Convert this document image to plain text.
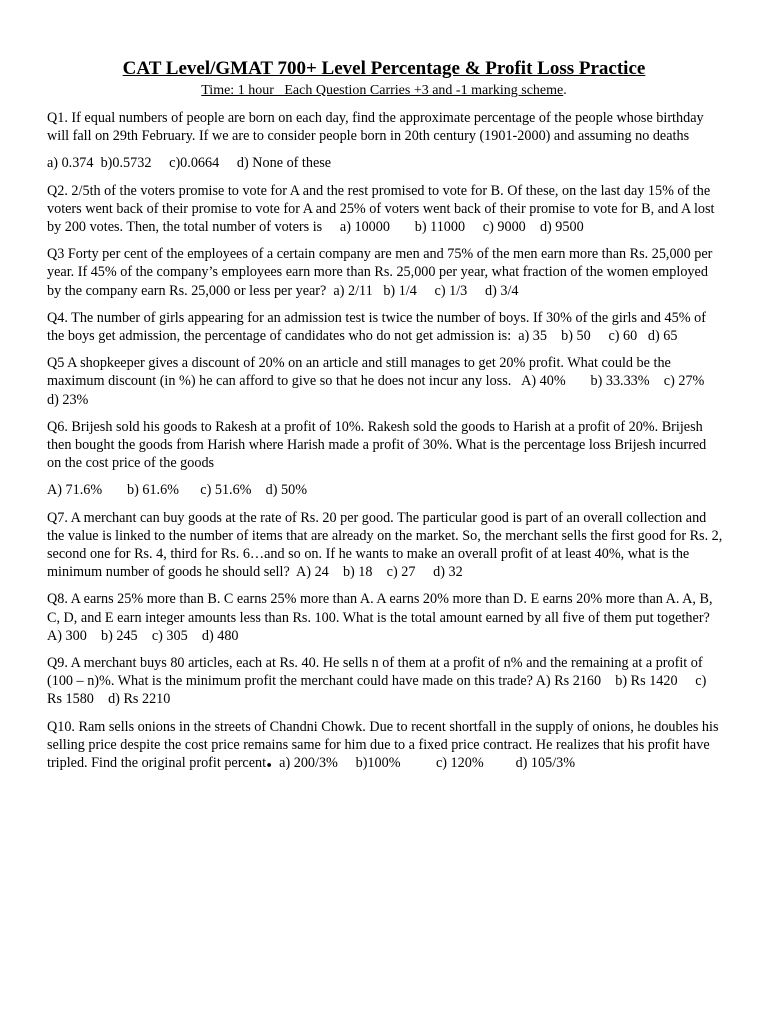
CAT Level/GMAT 700+ Level Percentage & Profit Loss Practice
Time: 1 hour   Each Question Carries +3 and -1 marking scheme.

Q1. If equal numbers of people are born on each day, find the approximate percentage of the people whose birthday will fall on 29th February. If we are to consider people born in 20th century (1901-2000) and assuming no deaths

a) 0.374  b)0.5732     c)0.0664     d) None of these

Q2. 2/5th of the voters promise to vote for A and the rest promised to vote for B. Of these, on the last day 15% of the voters went back of their promise to vote for A and 25% of voters went back of their promise to vote for B, and A lost by 200 votes. Then, the total number of voters is     a) 10000       b) 11000     c) 9000    d) 9500

Q3 Forty per cent of the employees of a certain company are men and 75% of the men earn more than Rs. 25,000 per year. If 45% of the company’s employees earn more than Rs. 25,000 per year, what fraction of the women employed by the company earn Rs. 25,000 or less per year?  a) 2/11   b) 1/4     c) 1/3     d) 3/4

Q4. The number of girls appearing for an admission test is twice the number of boys. If 30% of the girls and 45% of the boys get admission, the percentage of candidates who do not get admission is:  a) 35    b) 50     c) 60   d) 65

Q5 A shopkeeper gives a discount of 20% on an article and still manages to get 20% profit. What could be the maximum discount (in %) he can afford to give so that he does not incur any loss.   A) 40%       b) 33.33%    c) 27%    d) 23%

Q6. Brijesh sold his goods to Rakesh at a profit of 10%. Rakesh sold the goods to Harish at a profit of 20%. Brijesh then bought the goods from Harish where Harish made a profit of 30%. What is the percentage loss Brijesh incurred on the cost price of the goods

A) 71.6%       b) 61.6%      c) 51.6%    d) 50%

Q7. A merchant can buy goods at the rate of Rs. 20 per good. The particular good is part of an overall collection and the value is linked to the number of items that are already on the market. So, the merchant sells the first good for Rs. 2, second one for Rs. 4, third for Rs. 6…and so on. If he wants to make an overall profit of at least 40%, what is the minimum number of goods he should sell?  A) 24    b) 18    c) 27     d) 32

Q8. A earns 25% more than B. C earns 25% more than A. A earns 20% more than D. E earns 20% more than A. A, B, C, D, and E earn integer amounts less than Rs. 100. What is the total amount earned by all five of them put together?  A) 300    b) 245    c) 305    d) 480

Q9. A merchant buys 80 articles, each at Rs. 40. He sells n of them at a profit of n% and the remaining at a profit of (100 – n)%. What is the minimum profit the merchant could have made on this trade? A) Rs 2160    b) Rs 1420     c) Rs 1580    d) Rs 2210

Q10. Ram sells onions in the streets of Chandni Chowk. Due to recent shortfall in the supply of onions, he doubles his selling price despite the cost price remains same for him due to a fixed price contract. He realizes that his profit have tripled. Find the original profit percent.  a) 200/3%     b)100%          c) 120%         d) 105/3%
